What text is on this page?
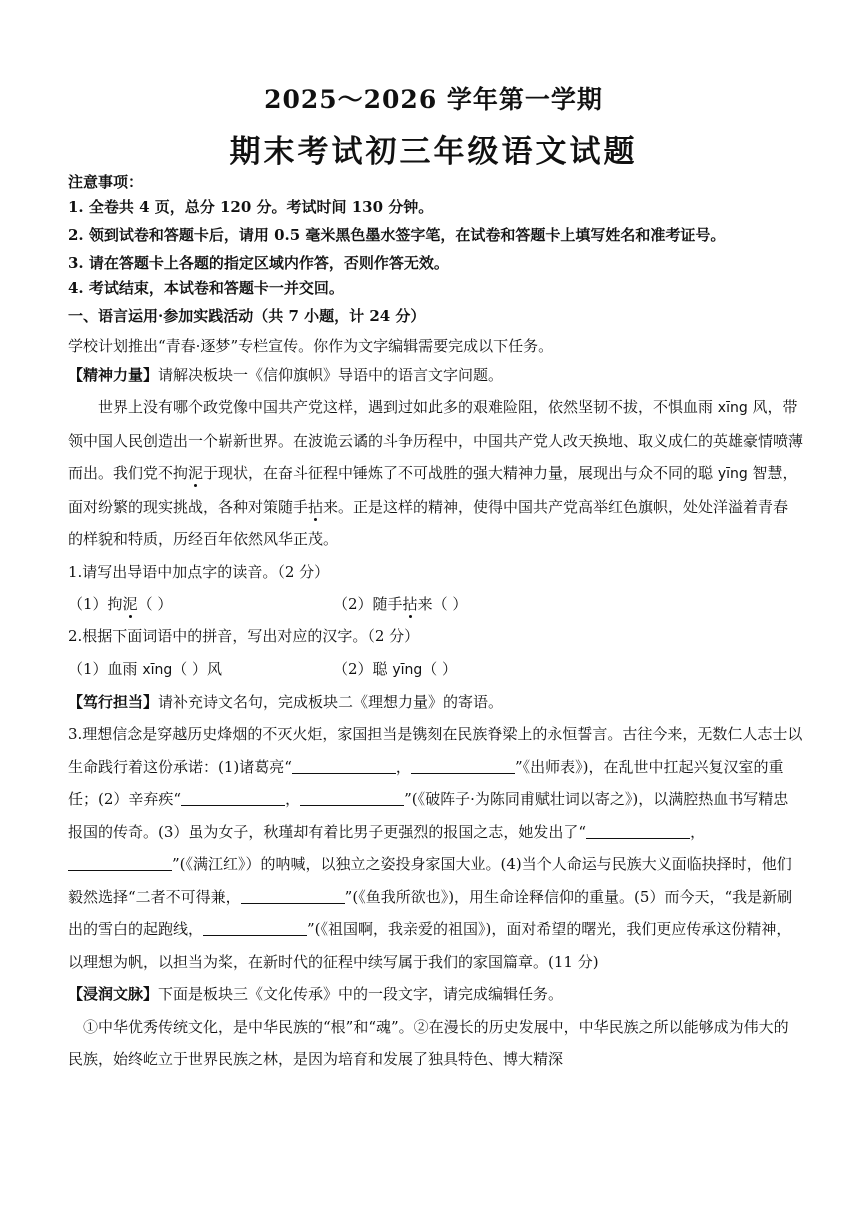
2025～2026 学年第一学期
期末考试初三年级语文试题

注意事项：

1. 全卷共 4 页，总分 120 分。考试时间 130 分钟。

2. 领到试卷和答题卡后，请用 0.5 毫米黑色墨水签字笔，在试卷和答题卡上填写姓名和准考证号。

3. 请在答题卡上各题的指定区域内作答，否则作答无效。

4. 考试结束，本试卷和答题卡一并交回。

一、语言运用·参加实践活动（共 7 小题，计 24 分）

学校计划推出“青春·逐梦”专栏宣传。你作为文字编辑需要完成以下任务。

【精神力量】请解决板块一《信仰旗帜》导语中的语言文字问题。

世界上没有哪个政党像中国共产党这样，遇到过如此多的艰难险阻，依然坚韧不拔，不惧血雨 xīng 风，带领中国人民创造出一个崭新世界。在波诡云谲的斗争历程中，中国共产党人改天换地、取义成仁的英雄豪情喷薄而出。我们党不拘泥于现状，在奋斗征程中锤炼了不可战胜的强大精神力量，展现出与众不同的聪 yīng 智慧，面对纷繁的现实挑战，各种对策随手拈来。正是这样的精神，使得中国共产党高举红色旗帜，处处洋溢着青春的样貌和特质，历经百年依然风华正茂。

1.请写出导语中加点字的读音。（2 分）

（1）拘泥（ ）	（2）随手拈来（ ）

2.根据下面词语中的拼音，写出对应的汉字。（2 分）

（1）血雨 xīng（ ）风	（2）聪 yīng（ ）

【笃行担当】请补充诗文名句，完成板块二《理想力量》的寄语。

3.理想信念是穿越历史烽烟的不灭火炬，家国担当是镌刻在民族脊梁上的永恒誓言。古往今来，无数仁人志士以生命践行着这份承诺：(1)诸葛亮“	，	”《出师表》)，在乱世中扛起兴复汉室的重任；(2）辛弃疾“	，	”(《破阵子·为陈同甫赋壮词以寄之》)，以满腔热血书写精忠报国的传奇。(3）虽为女子，秋瑾却有着比男子更强烈的报国之志，她发出了“	，”(《满江红》）的呐喊，以独立之姿投身家国大业。(4)当个人命运与民族大义面临抉择时，他们毅然选择“二者不可得兼，	”(《鱼我所欲也》)，用生命诠释信仰的重量。(5）而今天，“我是新刷出的雪白的起跑线，	”(《祖国啊，我亲爱的祖国》)，面对希望的曙光，我们更应传承这份精神，以理想为帆，以担当为桨，在新时代的征程中续写属于我们的家国篇章。(11 分)

【浸润文脉】下面是板块三《文化传承》中的一段文字，请完成编辑任务。

①中华优秀传统文化，是中华民族的“根”和“魂”。②在漫长的历史发展中，中华民族之所以能够成为伟大的民族，始终屹立于世界民族之林，是因为培育和发展了独具特色、博大精深
